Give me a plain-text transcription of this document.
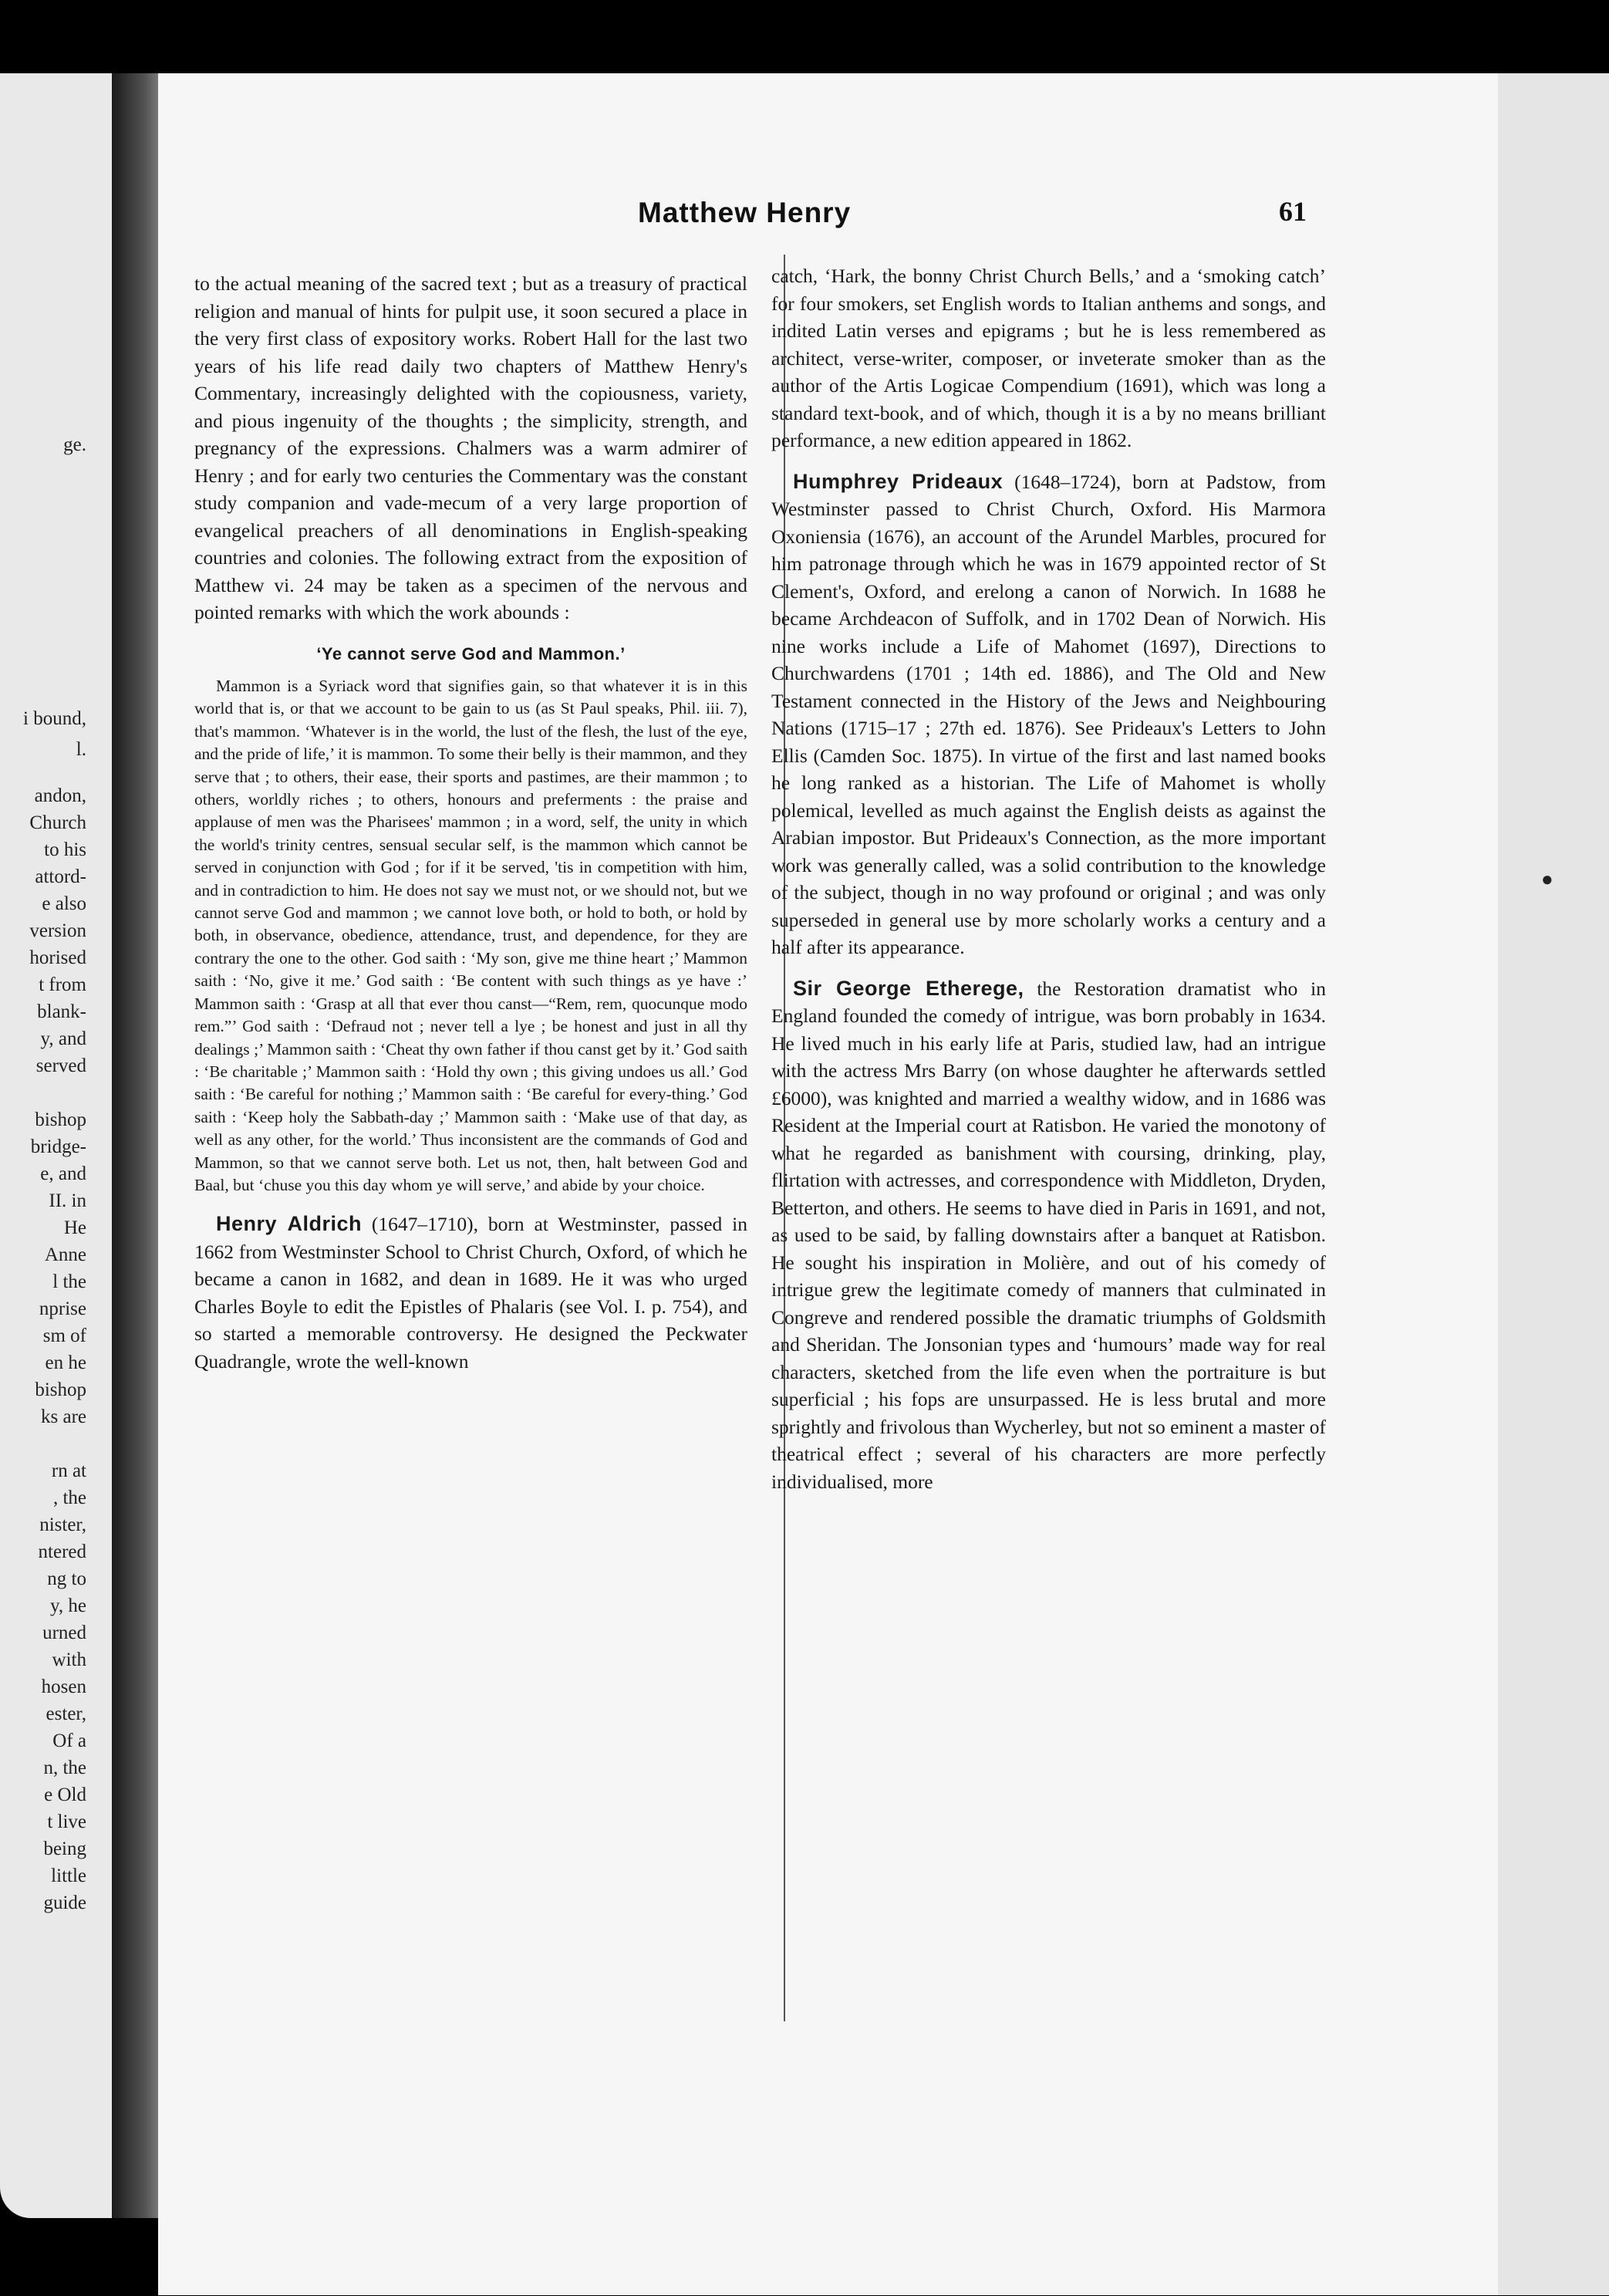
ge.
i bound,
l.
andon,
Church
to his
attord-
e also
version
horised
t from
blank-
y, and
served
bishop
bridge-
e, and
II. in
He
Anne
l the
nprise
sm of
en he
bishop
ks are
rn at
, the
nister,
ntered
ng to
y, he
urned
with
hosen
ester,
Of a
n, the
e Old
t live
being
little
guide
Matthew Henry	61

to the actual meaning of the sacred text ; but as a treasury of practical religion and manual of hints for pulpit use, it soon secured a place in the very first class of expository works. Robert Hall for the last two years of his life read daily two chapters of Matthew Henry's Commentary, increasingly delighted with the copiousness, variety, and pious ingenuity of the thoughts ; the simplicity, strength, and pregnancy of the expressions. Chalmers was a warm admirer of Henry ; and for early two centuries the Commentary was the constant study companion and vade-mecum of a very large proportion of evangelical preachers of all denominations in English-speaking countries and colonies. The following extract from the exposition of Matthew vi. 24 may be taken as a specimen of the nervous and pointed remarks with which the work abounds :

‘Ye cannot serve God and Mammon.’

Mammon is a Syriack word that signifies gain, so that whatever it is in this world that is, or that we account to be gain to us (as St Paul speaks, Phil. iii. 7), that's mammon. ‘Whatever is in the world, the lust of the flesh, the lust of the eye, and the pride of life,’ it is mammon. To some their belly is their mammon, and they serve that ; to others, their ease, their sports and pastimes, are their mammon ; to others, worldly riches ; to others, honours and preferments : the praise and applause of men was the Pharisees' mammon ; in a word, self, the unity in which the world's trinity centres, sensual secular self, is the mammon which cannot be served in conjunction with God ; for if it be served, 'tis in competition with him, and in contradiction to him. He does not say we must not, or we should not, but we cannot serve God and mammon ; we cannot love both, or hold to both, or hold by both, in observance, obedience, attendance, trust, and dependence, for they are contrary the one to the other. God saith : ‘My son, give me thine heart ;’ Mammon saith : ‘No, give it me.’ God saith : ‘Be content with such things as ye have :’ Mammon saith : ‘Grasp at all that ever thou canst—“Rem, rem, quocunque modo rem.”’ God saith : ‘Defraud not ; never tell a lye ; be honest and just in all thy dealings ;’ Mammon saith : ‘Cheat thy own father if thou canst get by it.’ God saith : ‘Be charitable ;’ Mammon saith : ‘Hold thy own ; this giving undoes us all.’ God saith : ‘Be careful for nothing ;’ Mammon saith : ‘Be careful for every-thing.’ God saith : ‘Keep holy the Sabbath-day ;’ Mammon saith : ‘Make use of that day, as well as any other, for the world.’ Thus inconsistent are the commands of God and Mammon, so that we cannot serve both. Let us not, then, halt between God and Baal, but ‘chuse you this day whom ye will serve,’ and abide by your choice.

Henry Aldrich (1647–1710), born at Westminster, passed in 1662 from Westminster School to Christ Church, Oxford, of which he became a canon in 1682, and dean in 1689. He it was who urged Charles Boyle to edit the Epistles of Phalaris (see Vol. I. p. 754), and so started a memorable controversy. He designed the Peckwater Quadrangle, wrote the well-known

catch, ‘Hark, the bonny Christ Church Bells,’ and a ‘smoking catch’ for four smokers, set English words to Italian anthems and songs, and indited Latin verses and epigrams ; but he is less remembered as architect, verse-writer, composer, or inveterate smoker than as the author of the Artis Logicae Compendium (1691), which was long a standard text-book, and of which, though it is a by no means brilliant performance, a new edition appeared in 1862.

Humphrey Prideaux (1648–1724), born at Padstow, from Westminster passed to Christ Church, Oxford. His Marmora Oxoniensia (1676), an account of the Arundel Marbles, procured for him patronage through which he was in 1679 appointed rector of St Clement's, Oxford, and erelong a canon of Norwich. In 1688 he became Archdeacon of Suffolk, and in 1702 Dean of Norwich. His nine works include a Life of Mahomet (1697), Directions to Churchwardens (1701 ; 14th ed. 1886), and The Old and New Testament connected in the History of the Jews and Neighbouring Nations (1715–17 ; 27th ed. 1876). See Prideaux's Letters to John Ellis (Camden Soc. 1875). In virtue of the first and last named books he long ranked as a historian. The Life of Mahomet is wholly polemical, levelled as much against the English deists as against the Arabian impostor. But Prideaux's Connection, as the more important work was generally called, was a solid contribution to the knowledge of the subject, though in no way profound or original ; and was only superseded in general use by more scholarly works a century and a half after its appearance.

Sir George Etherege, the Restoration dramatist who in England founded the comedy of intrigue, was born probably in 1634. He lived much in his early life at Paris, studied law, had an intrigue with the actress Mrs Barry (on whose daughter he afterwards settled £6000), was knighted and married a wealthy widow, and in 1686 was Resident at the Imperial court at Ratisbon. He varied the monotony of what he regarded as banishment with coursing, drinking, play, flirtation with actresses, and correspondence with Middleton, Dryden, Betterton, and others. He seems to have died in Paris in 1691, and not, as used to be said, by falling downstairs after a banquet at Ratisbon. He sought his inspiration in Molière, and out of his comedy of intrigue grew the legitimate comedy of manners that culminated in Congreve and rendered possible the dramatic triumphs of Goldsmith and Sheridan. The Jonsonian types and ‘humours’ made way for real characters, sketched from the life even when the portraiture is but superficial ; his fops are unsurpassed. He is less brutal and more sprightly and frivolous than Wycherley, but not so eminent a master of theatrical effect ; several of his characters are more perfectly individualised, more

●
